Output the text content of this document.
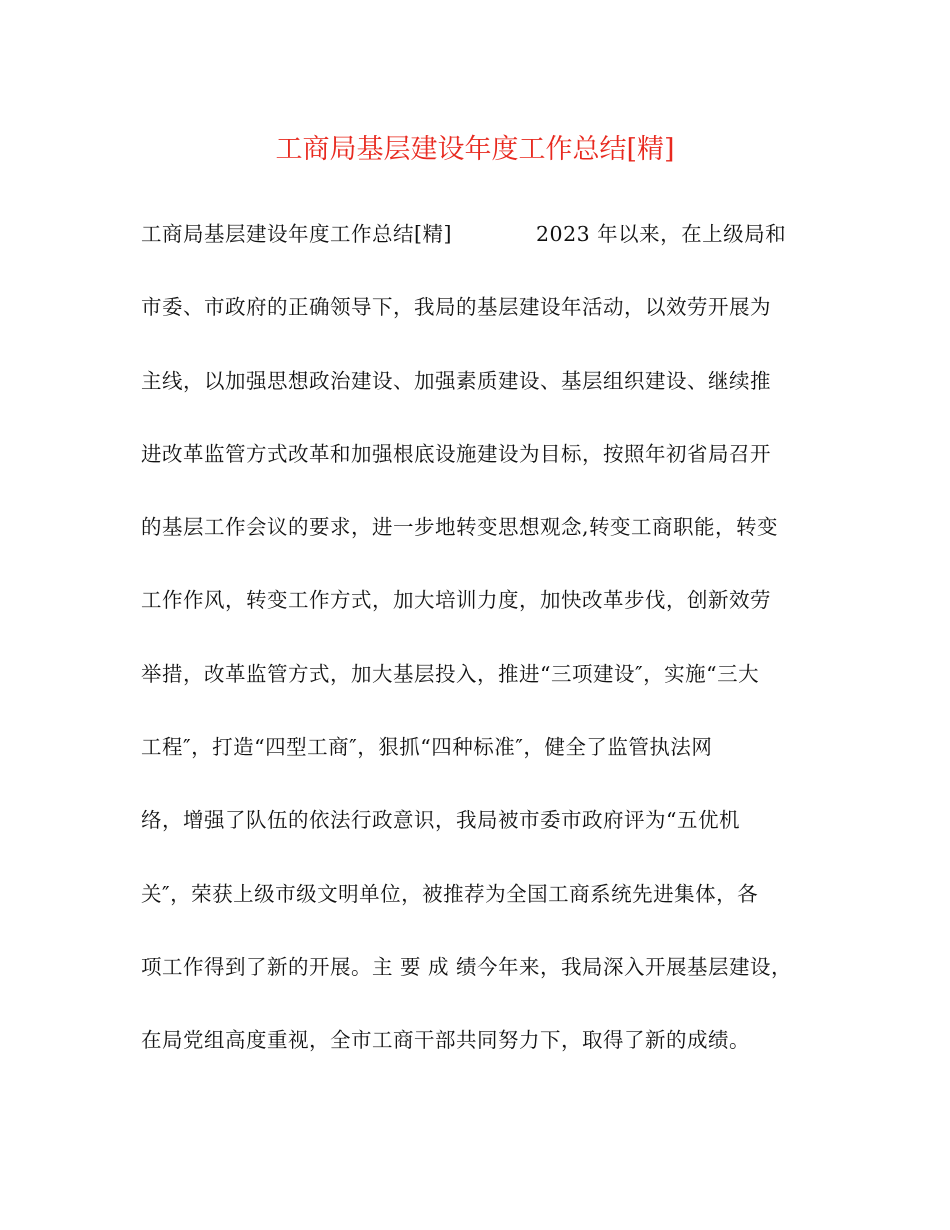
工商局基层建设年度工作总结[精]
工商局基层建设年度工作总结[精]　　　　2023 年以来，在上级局和
市委、市政府的正确领导下，我局的基层建设年活动，以效劳开展为
主线，以加强思想政治建设、加强素质建设、基层组织建设、继续推
进改革监管方式改革和加强根底设施建设为目标，按照年初省局召开
的基层工作会议的要求，进一步地转变思想观念,转变工商职能，转变
工作作风，转变工作方式，加大培训力度，加快改革步伐，创新效劳
举措，改革监管方式，加大基层投入，推进“三项建设″，实施“三大
工程″，打造“四型工商″，狠抓“四种标准″，健全了监管执法网
络，增强了队伍的依法行政意识，我局被市委市政府评为“五优机
关″，荣获上级市级文明单位，被推荐为全国工商系统先进集体，各
项工作得到了新的开展。主 要 成 绩今年来，我局深入开展基层建设，
在局党组高度重视，全市工商干部共同努力下，取得了新的成绩。
